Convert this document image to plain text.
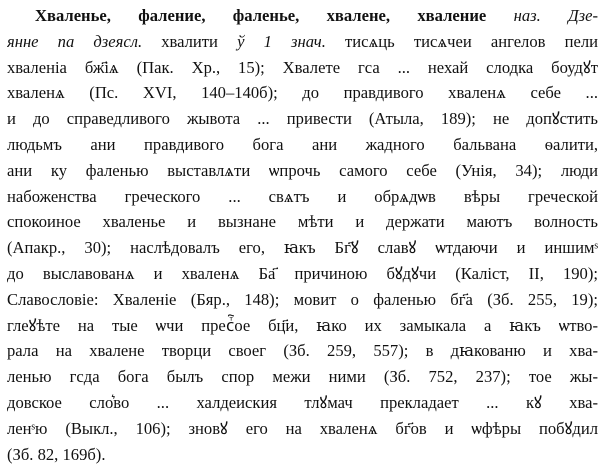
Хваленье, фалениe, фаленье, хвалене, хвалениe наз. Дзе-
янне па дзеясл. хвалити ў 1 знач. тисѧць тисѧчеи ангелов пели
хваленіа бж҃іѧ (Пак. Хр., 15); Хвалете гса ... нехай слодка боудꙋт
хваленѧ (Пс. XVI, 140–140б); до правдивого хваленѧ себе ...
и до справедливого жывота ... привести (Атыла, 189); не допꙋстить
людьмъ ани правдивого бога ани жадного бальвана ѳалити,
ани ку фаленью выставлѧти ѡпрочь самого себе (Унія, 34); люди
набоженства греческого ... свѧтъ и обрѧдѡв вѣры греческой
спокоиное хваленье и вызнанe мѣти и держати маютъ волность
(Апакр., 30); наслѣдовалъ его, ꙗкъ Бг҃ꙋ славꙋ ѡтдаючи и иншимˢ
до выславованѧ и хваленѧ Ба҃ причиною бꙋдꙋчи (Каліст, II, 190);
Славословіе: Хваленіе (Бяр., 148); мовит о фаленью бг҃а (Зб. 255, 19);
глеꙋѣте на тые ѡчи пресⷮ҇ое бц҃и, ꙗко их замыкала а ꙗкъ ѡтво-
рала на хваленe творци своег (Зб. 259, 557); в дꙗкованю и хва-
ленью гсда бога былъ спор межи ними (Зб. 752, 237); тое жы-
довское сло͛во ... халдеиския тлꙋмач прекладает ... кꙋ хва-
ленˢю (Выкл., 106); зновꙋ его на хваленѧ бг҃ов и ѡфѣры побꙋдил
(Зб. 82, 169б).
